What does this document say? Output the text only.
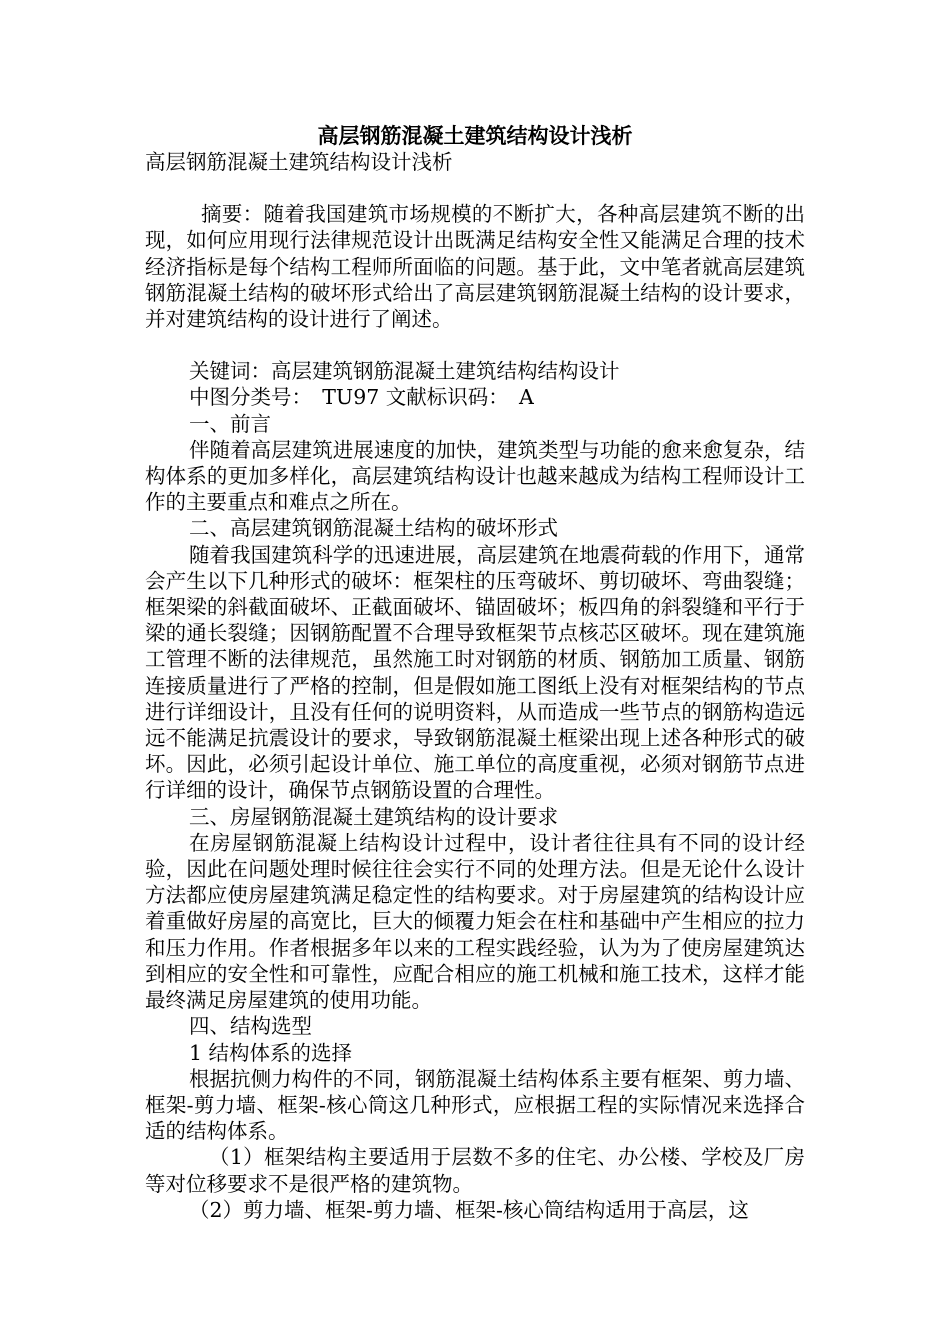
高层钢筋混凝土建筑结构设计浅析

高层钢筋混凝土建筑结构设计浅析

摘要：随着我国建筑市场规模的不断扩大，各种高层建筑不断的出现，如何应用现行法律规范设计出既满足结构安全性又能满足合理的技术经济指标是每个结构工程师所面临的问题。基于此，文中笔者就高层建筑钢筋混凝土结构的破坏形式给出了高层建筑钢筋混凝土结构的设计要求，并对建筑结构的设计进行了阐述。

关键词：高层建筑钢筋混凝土建筑结构结构设计

中图分类号：　TU97 文献标识码：　A

一、前言

伴随着高层建筑进展速度的加快，建筑类型与功能的愈来愈复杂，结构体系的更加多样化，高层建筑结构设计也越来越成为结构工程师设计工作的主要重点和难点之所在。

二、高层建筑钢筋混凝土结构的破坏形式

随着我国建筑科学的迅速进展，高层建筑在地震荷载的作用下，通常会产生以下几种形式的破坏：框架柱的压弯破坏、剪切破坏、弯曲裂缝；框架梁的斜截面破坏、正截面破坏、锚固破坏；板四角的斜裂缝和平行于梁的通长裂缝；因钢筋配置不合理导致框架节点核芯区破坏。现在建筑施工管理不断的法律规范，虽然施工时对钢筋的材质、钢筋加工质量、钢筋连接质量进行了严格的控制，但是假如施工图纸上没有对框架结构的节点进行详细设计，且没有任何的说明资料，从而造成一些节点的钢筋构造远远不能满足抗震设计的要求，导致钢筋混凝土框梁出现上述各种形式的破坏。因此，必须引起设计单位、施工单位的高度重视，必须对钢筋节点进行详细的设计，确保节点钢筋设置的合理性。

三、房屋钢筋混凝土建筑结构的设计要求

在房屋钢筋混凝上结构设计过程中，设计者往往具有不同的设计经验，因此在问题处理时候往往会实行不同的处理方法。但是无论什么设计方法都应使房屋建筑满足稳定性的结构要求。对于房屋建筑的结构设计应着重做好房屋的高宽比，巨大的倾覆力矩会在柱和基础中产生相应的拉力和压力作用。作者根据多年以来的工程实践经验，认为为了使房屋建筑达到相应的安全性和可靠性，应配合相应的施工机械和施工技术，这样才能最终满足房屋建筑的使用功能。

四、结构选型

1 结构体系的选择

根据抗侧力构件的不同，钢筋混凝土结构体系主要有框架、剪力墙、框架-剪力墙、框架-核心筒这几种形式，应根据工程的实际情况来选择合适的结构体系。

（1）框架结构主要适用于层数不多的住宅、办公楼、学校及厂房等对位移要求不是很严格的建筑物。

（2）剪力墙、框架-剪力墙、框架-核心筒结构适用于高层，这
